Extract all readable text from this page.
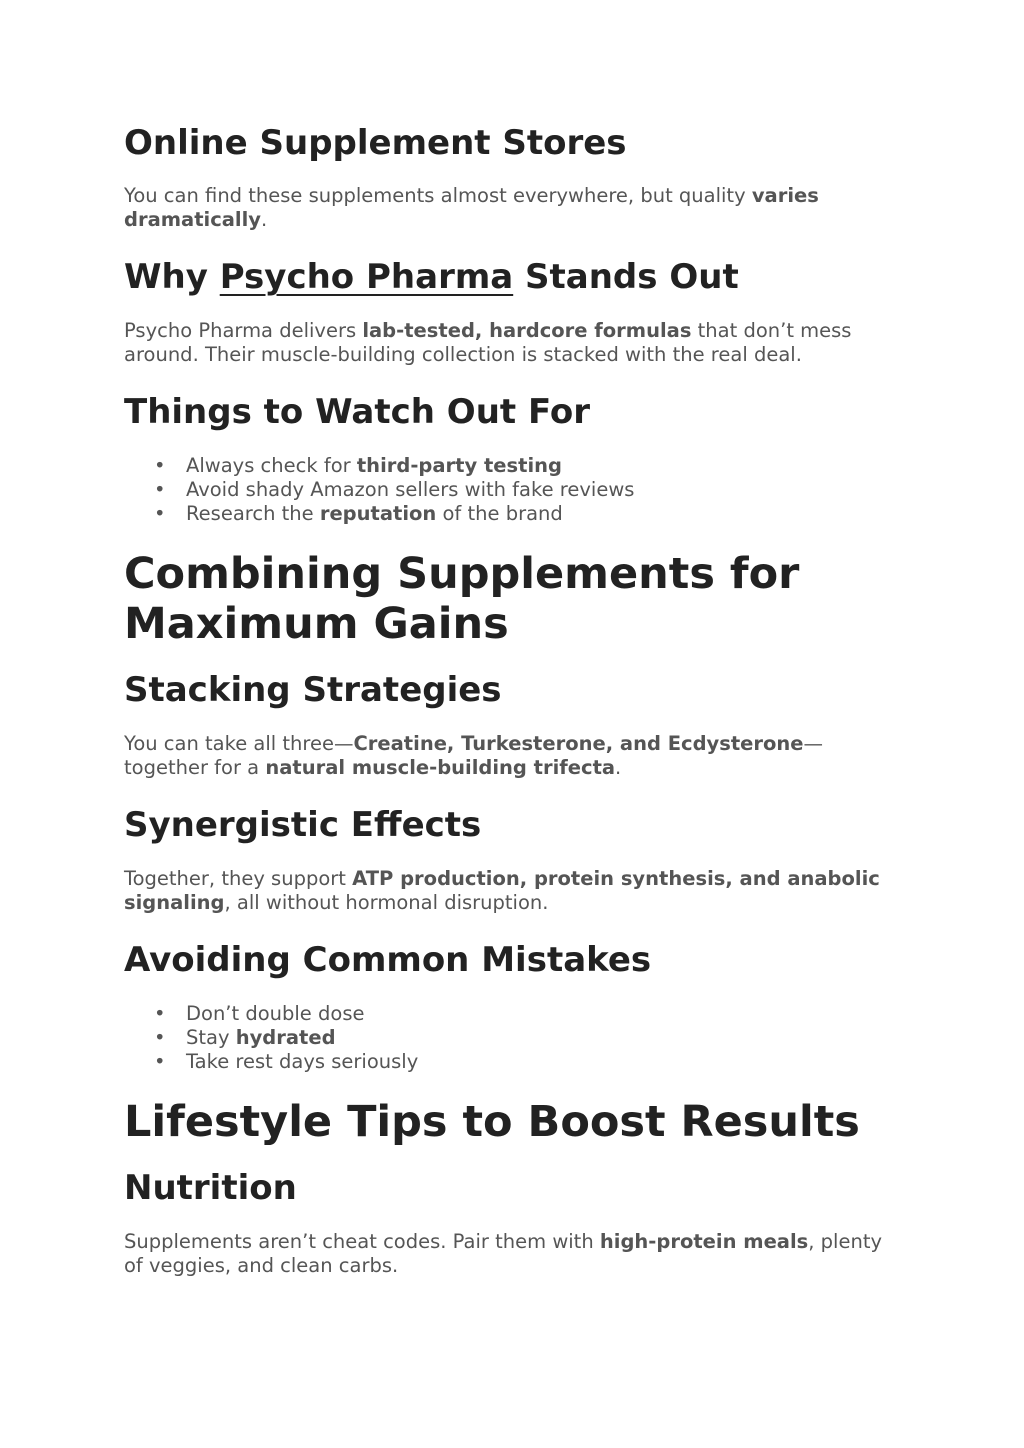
Online Supplement Stores

You can find these supplements almost everywhere, but quality varies dramatically.

Why Psycho Pharma Stands Out

Psycho Pharma delivers lab-tested, hardcore formulas that don’t mess around. Their muscle-building collection is stacked with the real deal.

Things to Watch Out For
• Always check for third-party testing
• Avoid shady Amazon sellers with fake reviews
• Research the reputation of the brand
Combining Supplements for Maximum Gains
Stacking Strategies

You can take all three—Creatine, Turkesterone, and Ecdysterone—together for a natural muscle-building trifecta.

Synergistic Effects

Together, they support ATP production, protein synthesis, and anabolic signaling, all without hormonal disruption.

Avoiding Common Mistakes
• Don’t double dose
• Stay hydrated
• Take rest days seriously
Lifestyle Tips to Boost Results
Nutrition

Supplements aren’t cheat codes. Pair them with high-protein meals, plenty of veggies, and clean carbs.
